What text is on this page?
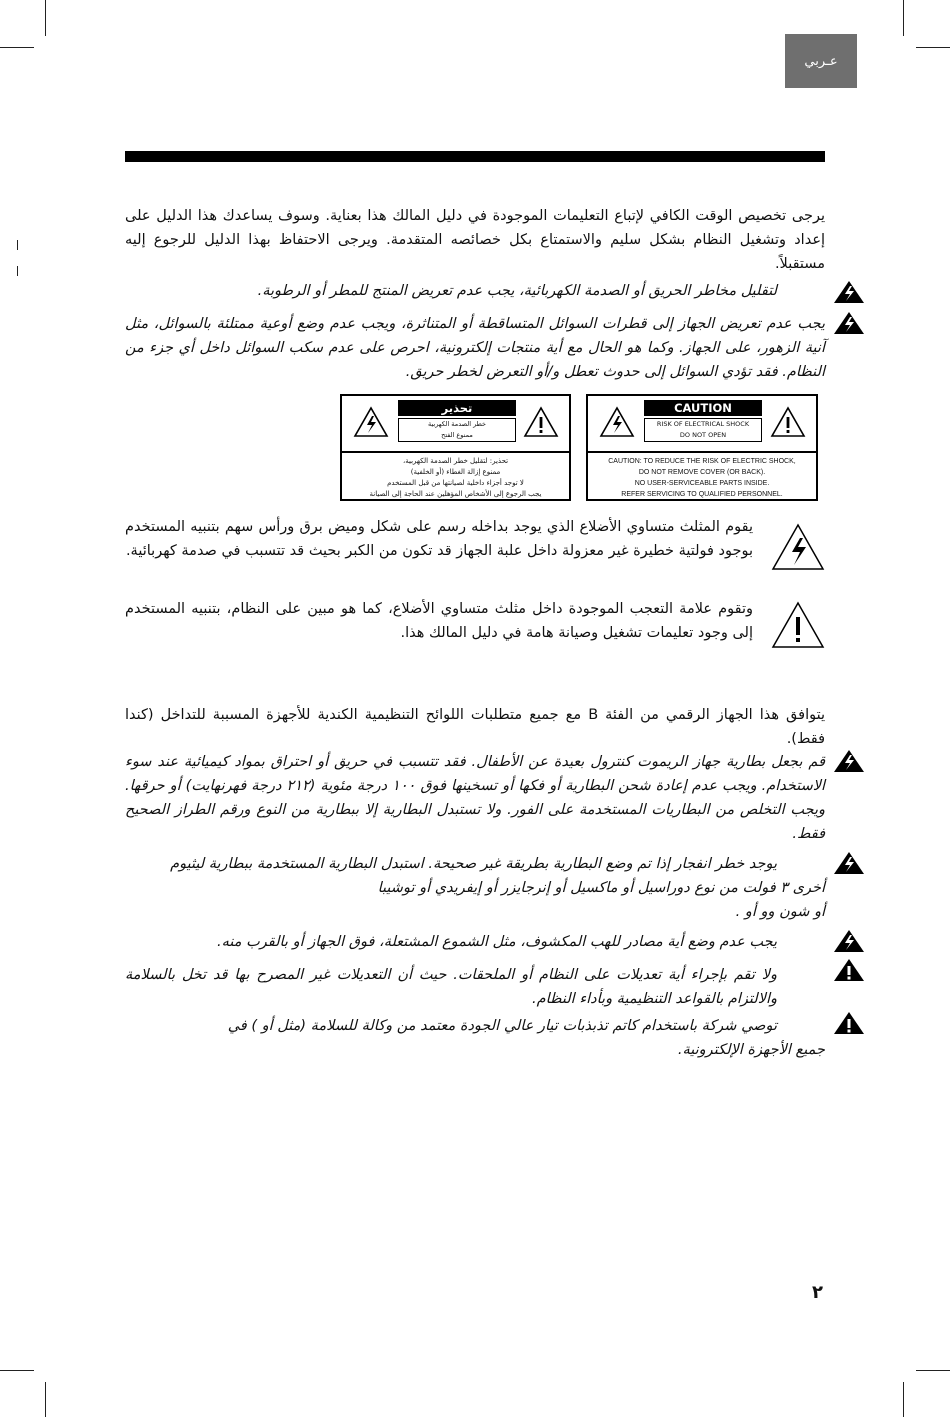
عـربي

يرجى تخصيص الوقت الكافي لإتباع التعليمات الموجودة في دليل المالك هذا بعناية. وسوف يساعدك هذا الدليل على إعداد وتشغيل النظام بشكل سليم والاستمتاع بكل خصائصه المتقدمة. ويرجى الاحتفاظ بهذا الدليل للرجوع إليه مستقبلاً.

لتقليل مخاطر الحريق أو الصدمة الكهربائية، يجب عدم تعريض المنتج للمطر أو الرطوبة.

يجب عدم تعريض الجهاز إلى قطرات السوائل المتساقطة أو المتناثرة، ويجب عدم وضع أوعية ممتلئة بالسوائل، مثل آنية الزهور، على الجهاز. وكما هو الحال مع أية منتجات إلكترونية، احرص على عدم سكب السوائل داخل أي جزء من النظام. فقد تؤدي السوائل إلى حدوث تعطل و/أو التعرض لخطر حريق.

تحذير
خطر الصدمة الكهربية
ممنوع الفتح
تحذير: لتقليل خطر الصدمة الكهربية،
ممنوع إزالة الغطاء (أو الخلفية)
لا توجد أجزاء داخلية لصيانتها من قبل المستخدم
يجب الرجوع إلى الأشخاص المؤهلين عند الحاجة إلى الصيانة
CAUTION
RISK OF ELECTRICAL SHOCK
DO NOT OPEN
CAUTION: TO REDUCE THE RISK OF ELECTRIC SHOCK,
DO NOT REMOVE COVER (OR BACK).
NO USER-SERVICEABLE PARTS INSIDE.
REFER SERVICING TO QUALIFIED PERSONNEL.

يقوم المثلث متساوي الأضلاع الذي يوجد بداخله رسم على شكل وميض برق ورأس سهم بتنبيه المستخدم بوجود فولتية خطيرة غير معزولة داخل علبة الجهاز قد تكون من الكبر بحيث قد تتسبب في صدمة كهربائية.

وتقوم علامة التعجب الموجودة داخل مثلث متساوي الأضلاع، كما هو مبين على النظام، بتنبيه المستخدم إلى وجود تعليمات تشغيل وصيانة هامة في دليل المالك هذا.

يتوافق هذا الجهاز الرقمي من الفئة B مع جميع متطلبات اللوائح التنظيمية الكندية للأجهزة المسببة للتداخل (كندا فقط).

قم بجعل بطارية جهاز الريموت كنترول بعيدة عن الأطفال. فقد تتسبب في حريق أو احتراق بمواد كيميائية عند سوء الاستخدام. ويجب عدم إعادة شحن البطارية أو فكها أو تسخينها فوق ١٠٠ درجة مئوية (٢١٢ درجة فهرنهايت) أو حرقها. ويجب التخلص من البطاريات المستخدمة على الفور. ولا تستبدل البطارية إلا ببطارية من النوع ورقم الطراز الصحيح فقط.

يوجد خطر انفجار إذا تم وضع البطارية بطريقة غير صحيحة. استبدل البطارية المستخدمة ببطارية ليثيوم

أخرى ٣ فولت من نوع دوراسيل أو ماكسيل أو إنرجايزر أو إيفريدي أو توشيبا

أو شون وو أو .

يجب عدم وضع أية مصادر للهب المكشوف، مثل الشموع المشتعلة، فوق الجهاز أو بالقرب منه.

ولا تقم بإجراء أية تعديلات على النظام أو الملحقات. حيث أن التعديلات غير المصرح بها قد تخل بالسلامة والالتزام بالقواعد التنظيمية وبأداء النظام.

توصي شركة باستخدام كاتم تذبذبات تيار عالي الجودة معتمد من وكالة للسلامة (مثل أو ) في

جميع الأجهزة الإلكترونية.

٢
